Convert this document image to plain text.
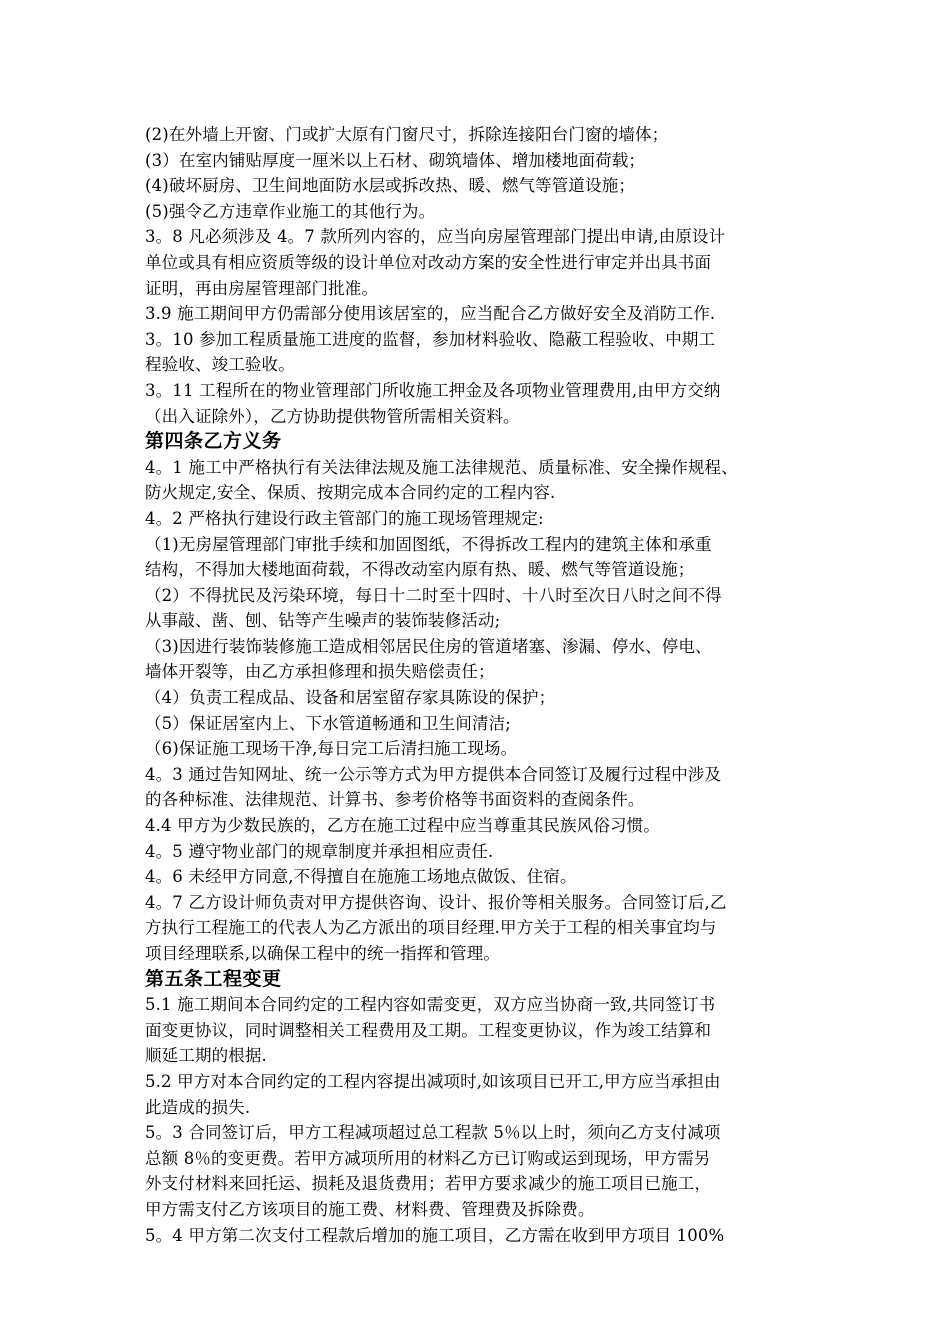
(2)在外墙上开窗、门或扩大原有门窗尺寸，拆除连接阳台门窗的墙体；
(3）在室内铺贴厚度一厘米以上石材、砌筑墙体、增加楼地面荷载；
(4)破坏厨房、卫生间地面防水层或拆改热、暖、燃气等管道设施；
(5)强令乙方违章作业施工的其他行为。
3。8 凡必须涉及 4。7 款所列内容的，应当向房屋管理部门提出申请,由原设计
单位或具有相应资质等级的设计单位对改动方案的安全性进行审定并出具书面
证明，再由房屋管理部门批准。
3.9 施工期间甲方仍需部分使用该居室的，应当配合乙方做好安全及消防工作.
3。10 参加工程质量施工进度的监督，参加材料验收、隐蔽工程验收、中期工
程验收、竣工验收。
3。11 工程所在的物业管理部门所收施工押金及各项物业管理费用,由甲方交纳
（出入证除外），乙方协助提供物管所需相关资料。
第四条乙方义务
4。1 施工中严格执行有关法律法规及施工法律规范、质量标准、安全操作规程、
防火规定,安全、保质、按期完成本合同约定的工程内容.
4。2 严格执行建设行政主管部门的施工现场管理规定:
（1)无房屋管理部门审批手续和加固图纸，不得拆改工程内的建筑主体和承重
结构，不得加大楼地面荷载，不得改动室内原有热、暖、燃气等管道设施；
（2）不得扰民及污染环境，每日十二时至十四时、十八时至次日八时之间不得
从事敲、凿、刨、钻等产生噪声的装饰装修活动;
（3)因进行装饰装修施工造成相邻居民住房的管道堵塞、渗漏、停水、停电、
墙体开裂等，由乙方承担修理和损失赔偿责任；
（4）负责工程成品、设备和居室留存家具陈设的保护；
（5）保证居室内上、下水管道畅通和卫生间清洁;
（6)保证施工现场干净,每日完工后清扫施工现场。
4。3 通过告知网址、统一公示等方式为甲方提供本合同签订及履行过程中涉及
的各种标准、法律规范、计算书、参考价格等书面资料的查阅条件。
4.4 甲方为少数民族的，乙方在施工过程中应当尊重其民族风俗习惯。
4。5 遵守物业部门的规章制度并承担相应责任.
4。6 未经甲方同意,不得擅自在施施工场地点做饭、住宿。
4。7 乙方设计师负责对甲方提供咨询、设计、报价等相关服务。合同签订后,乙
方执行工程施工的代表人为乙方派出的项目经理.甲方关于工程的相关事宜均与
项目经理联系,以确保工程中的统一指挥和管理。
第五条工程变更
5.1 施工期间本合同约定的工程内容如需变更，双方应当协商一致,共同签订书
面变更协议，同时调整相关工程费用及工期。工程变更协议，作为竣工结算和
顺延工期的根据.
5.2 甲方对本合同约定的工程内容提出减项时,如该项目已开工,甲方应当承担由
此造成的损失.
5。3 合同签订后，甲方工程减项超过总工程款 5％以上时，须向乙方支付减项
总额 8％的变更费。若甲方减项所用的材料乙方已订购或运到现场，甲方需另
外支付材料来回托运、损耗及退货费用；若甲方要求减少的施工项目已施工，
甲方需支付乙方该项目的施工费、材料费、管理费及拆除费。
5。4 甲方第二次支付工程款后增加的施工项目，乙方需在收到甲方项目 100%
